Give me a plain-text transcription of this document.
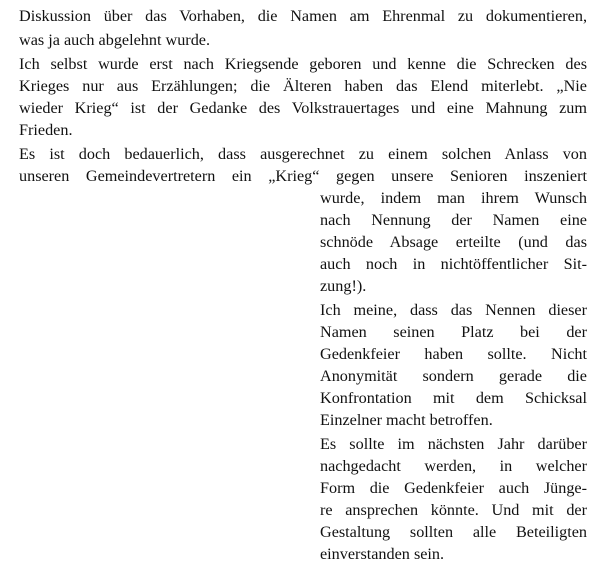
Diskussion über das Vorhaben, die Namen am Ehrenmal zu dokumentieren,
was ja auch abgelehnt wurde.
Ich selbst wurde erst nach Kriegsende geboren und kenne die Schrecken des
Krieges nur aus Erzählungen; die Älteren haben das Elend miterlebt. „Nie
wieder Krieg“ ist der Gedanke des Volkstrauertages und eine Mahnung zum
Frieden.
Es ist doch bedauerlich, dass ausgerechnet zu einem solchen Anlass von
unseren Gemeindevertretern ein „Krieg“ gegen unsere Senioren inszeniert
wurde, indem man ihrem Wunsch
nach Nennung der Namen eine
schnöde Absage erteilte (und das
auch noch in nichtöffentlicher Sit-
zung!).
Ich meine, dass das Nennen dieser
Namen seinen Platz bei der
Gedenkfeier haben sollte. Nicht
Anonymität sondern gerade die
Konfrontation mit dem Schicksal
Einzelner macht betroffen.
Es sollte im nächsten Jahr darüber
nachgedacht werden, in welcher
Form die Gedenkfeier auch Jünge-
re ansprechen könnte. Und mit der
Gestaltung sollten alle Beteiligten
einverstanden sein.
